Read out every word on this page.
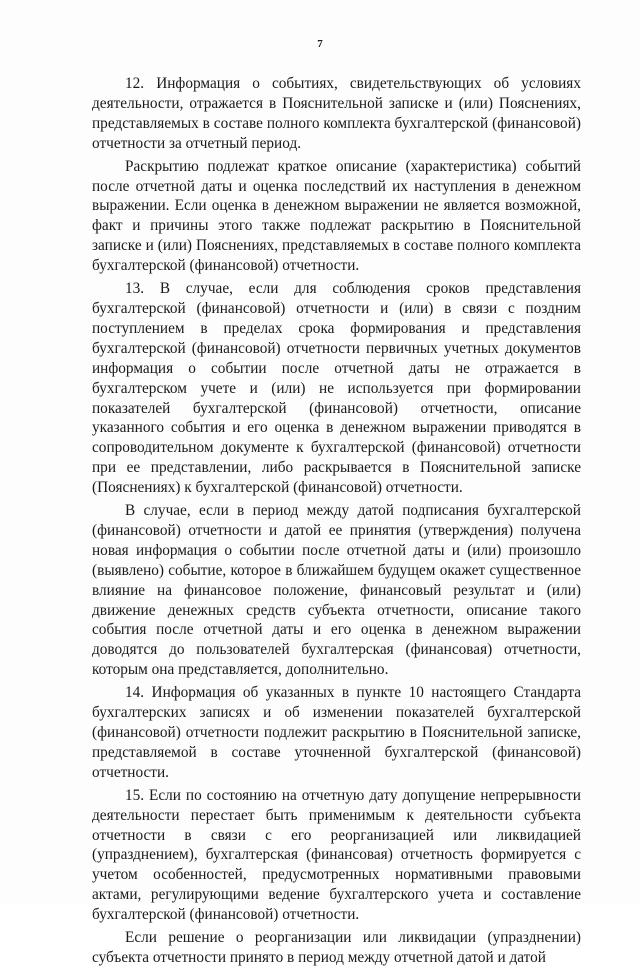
7

12. Информация о событиях, свидетельствующих об условиях деятельности, отражается в Пояснительной записке и (или) Пояснениях, представляемых в составе полного комплекта бухгалтерской (финансовой) отчетности за отчетный период.

Раскрытию подлежат краткое описание (характеристика) событий после отчетной даты и оценка последствий их наступления в денежном выражении. Если оценка в денежном выражении не является возможной, факт и причины этого также подлежат раскрытию в Пояснительной записке и (или) Пояснениях, представляемых в составе полного комплекта бухгалтерской (финансовой) отчетности.

13. В случае, если для соблюдения сроков представления бухгалтерской (финансовой) отчетности и (или) в связи с поздним поступлением в пределах срока формирования и представления бухгалтерской (финансовой) отчетности первичных учетных документов информация о событии после отчетной даты не отражается в бухгалтерском учете и (или) не используется при формировании показателей бухгалтерской (финансовой) отчетности, описание указанного события и его оценка в денежном выражении приводятся в сопроводительном документе к бухгалтерской (финансовой) отчетности при ее представлении, либо раскрывается в Пояснительной записке (Пояснениях) к бухгалтерской (финансовой) отчетности.

В случае, если в период между датой подписания бухгалтерской (финансовой) отчетности и датой ее принятия (утверждения) получена новая информация о событии после отчетной даты и (или) произошло (выявлено) событие, которое в ближайшем будущем окажет существенное влияние на финансовое положение, финансовый результат и (или) движение денежных средств субъекта отчетности, описание такого события после отчетной даты и его оценка в денежном выражении доводятся до пользователей бухгалтерская (финансовая) отчетности, которым она представляется, дополнительно.

14. Информация об указанных в пункте 10 настоящего Стандарта бухгалтерских записях и об изменении показателей бухгалтерской (финансовой) отчетности подлежит раскрытию в Пояснительной записке, представляемой в составе уточненной бухгалтерской (финансовой) отчетности.

15. Если по состоянию на отчетную дату допущение непрерывности деятельности перестает быть применимым к деятельности субъекта отчетности в связи с его реорганизацией или ликвидацией (упразднением), бухгалтерская (финансовая) отчетность формируется с учетом особенностей, предусмотренных нормативными правовыми актами, регулирующими ведение бухгалтерского учета и составление бухгалтерской (финансовой) отчетности.

Если решение о реорганизации или ликвидации (упразднении) субъекта отчетности принято в период между отчетной датой и датой
